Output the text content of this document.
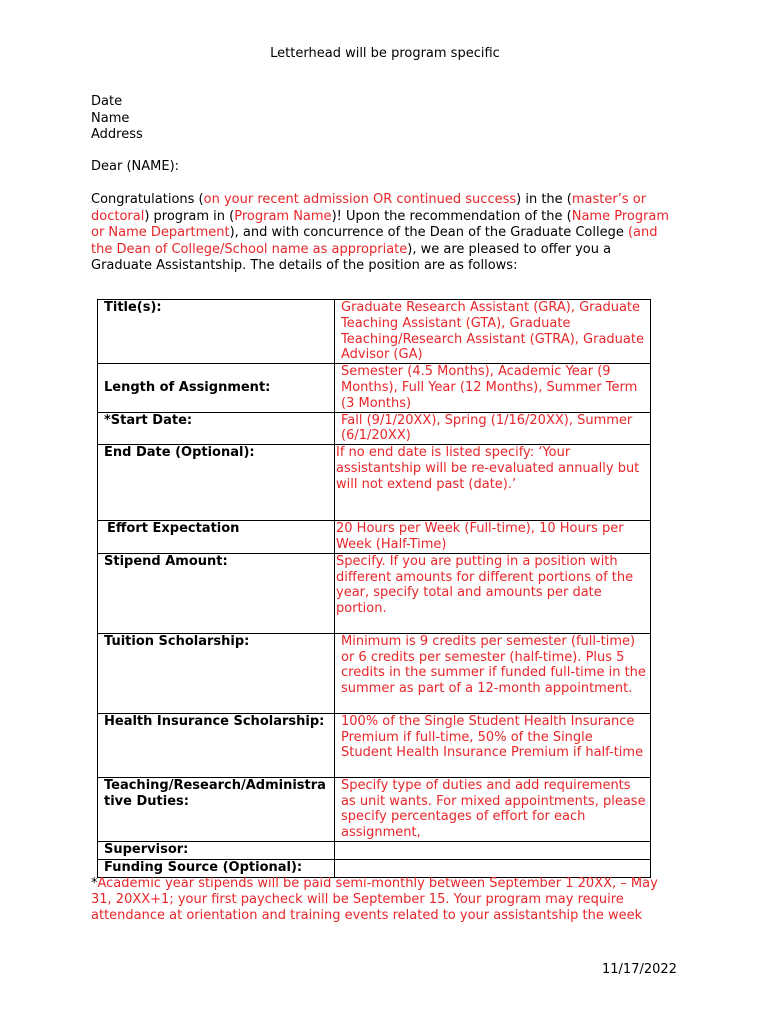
Letterhead will be program specific
Date
Name
Address
Dear (NAME):
Congratulations (on your recent admission OR continued success) in the (master’s or doctoral) program in (Program Name)! Upon the recommendation of the (Name Program or Name Department), and with concurrence of the Dean of the Graduate College (and the Dean of College/School name as appropriate), we are pleased to offer you a Graduate Assistantship. The details of the position are as follows:
Title(s):	Graduate Research Assistant (GRA), Graduate Teaching Assistant (GTA), Graduate Teaching/Research Assistant (GTRA), Graduate Advisor (GA)
Length of Assignment:	Semester (4.5 Months), Academic Year (9 Months), Full Year (12 Months), Summer Term (3 Months)
*Start Date:	Fall (9/1/20XX), Spring (1/16/20XX), Summer (6/1/20XX)
End Date (Optional):	If no end date is listed specify: ‘Your assistantship will be re-evaluated annually but will not extend past (date).’
Effort Expectation	20 Hours per Week (Full-time), 10 Hours per Week (Half-Time)
Stipend Amount:	Specify. If you are putting in a position with different amounts for different portions of the year, specify total and amounts per date portion.
Tuition Scholarship:	Minimum is 9 credits per semester (full-time) or 6 credits per semester (half-time). Plus 5 credits in the summer if funded full-time in the summer as part of a 12-month appointment.
Health Insurance Scholarship:	100% of the Single Student Health Insurance Premium if full-time, 50% of the Single Student Health Insurance Premium if half-time
Teaching/Research/Administrative Duties:	Specify type of duties and add requirements as unit wants. For mixed appointments, please specify percentages of effort for each assignment,
Supervisor:	
Funding Source (Optional):	
*Academic year stipends will be paid semi-monthly between September 1 20XX, – May 31, 20XX+1; your first paycheck will be September 15. Your program may require attendance at orientation and training events related to your assistantship the week
11/17/2022
